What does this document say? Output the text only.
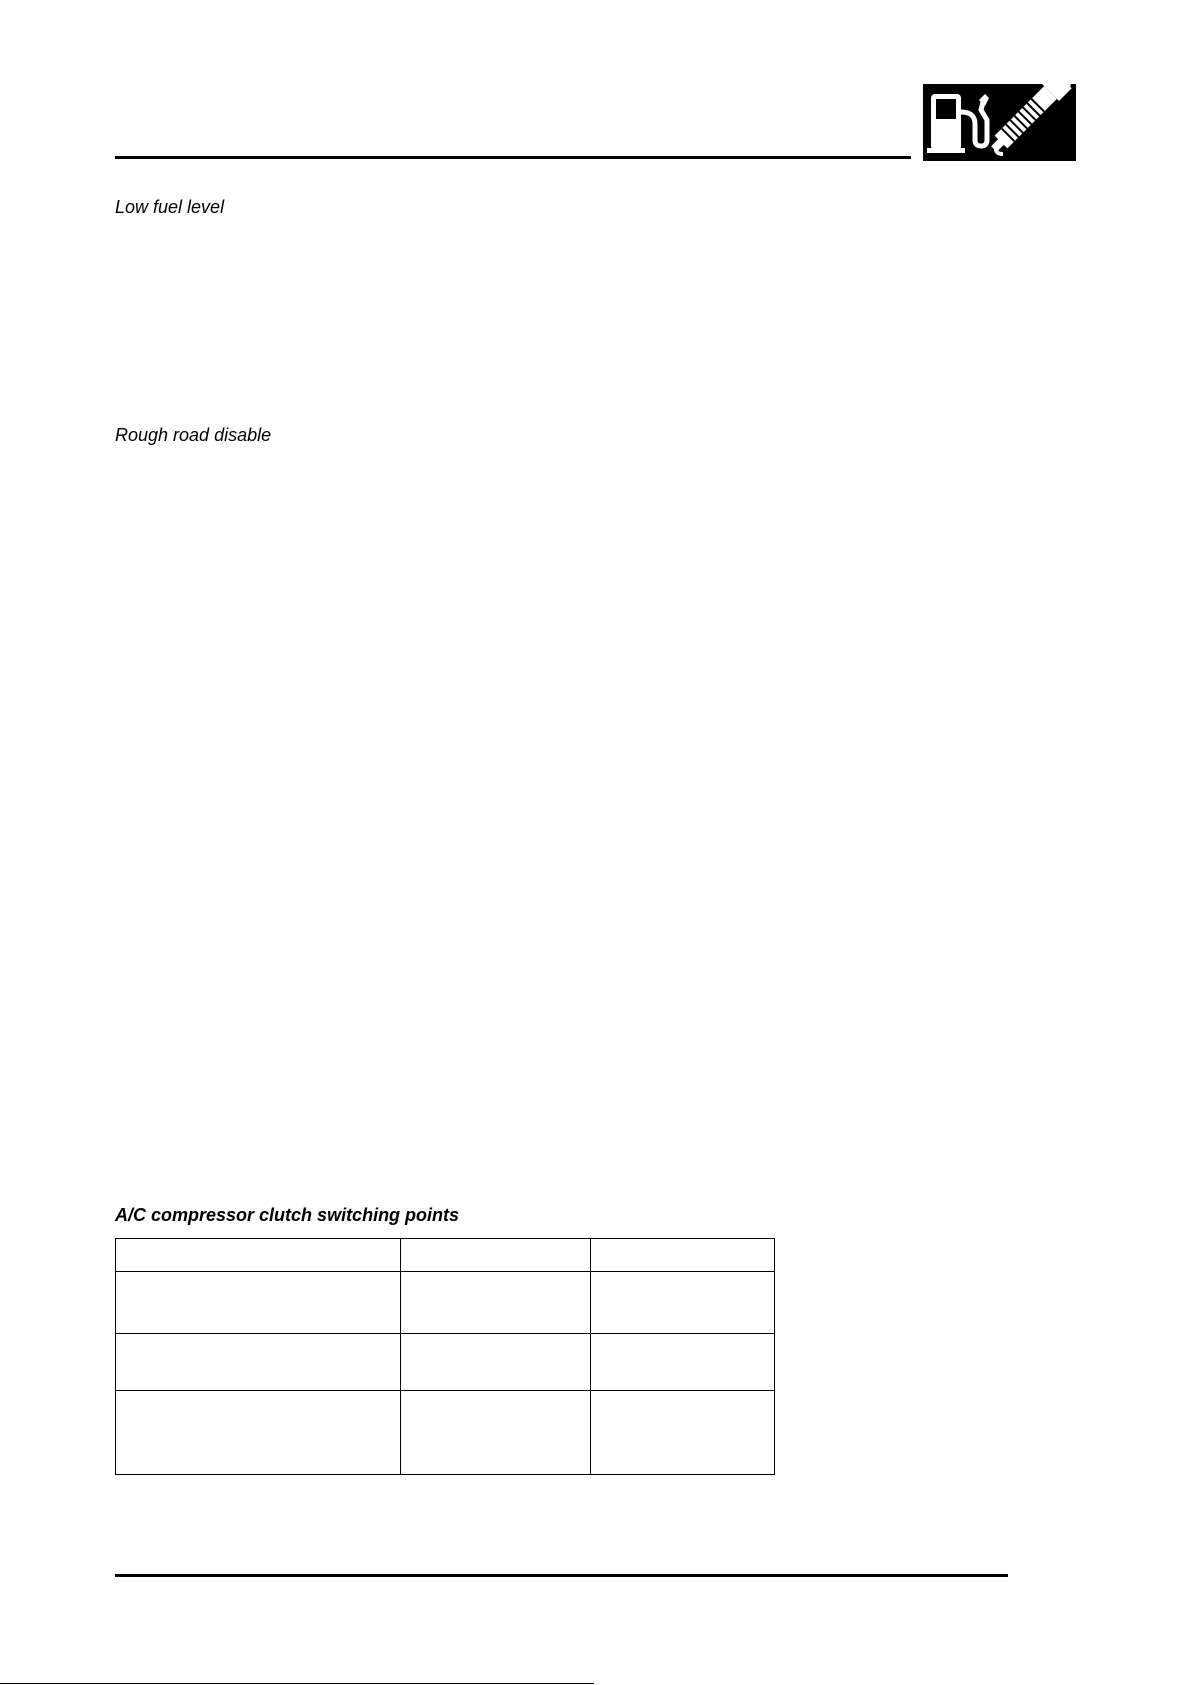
Low fuel level
Rough road disable
A/C compressor clutch switching points
